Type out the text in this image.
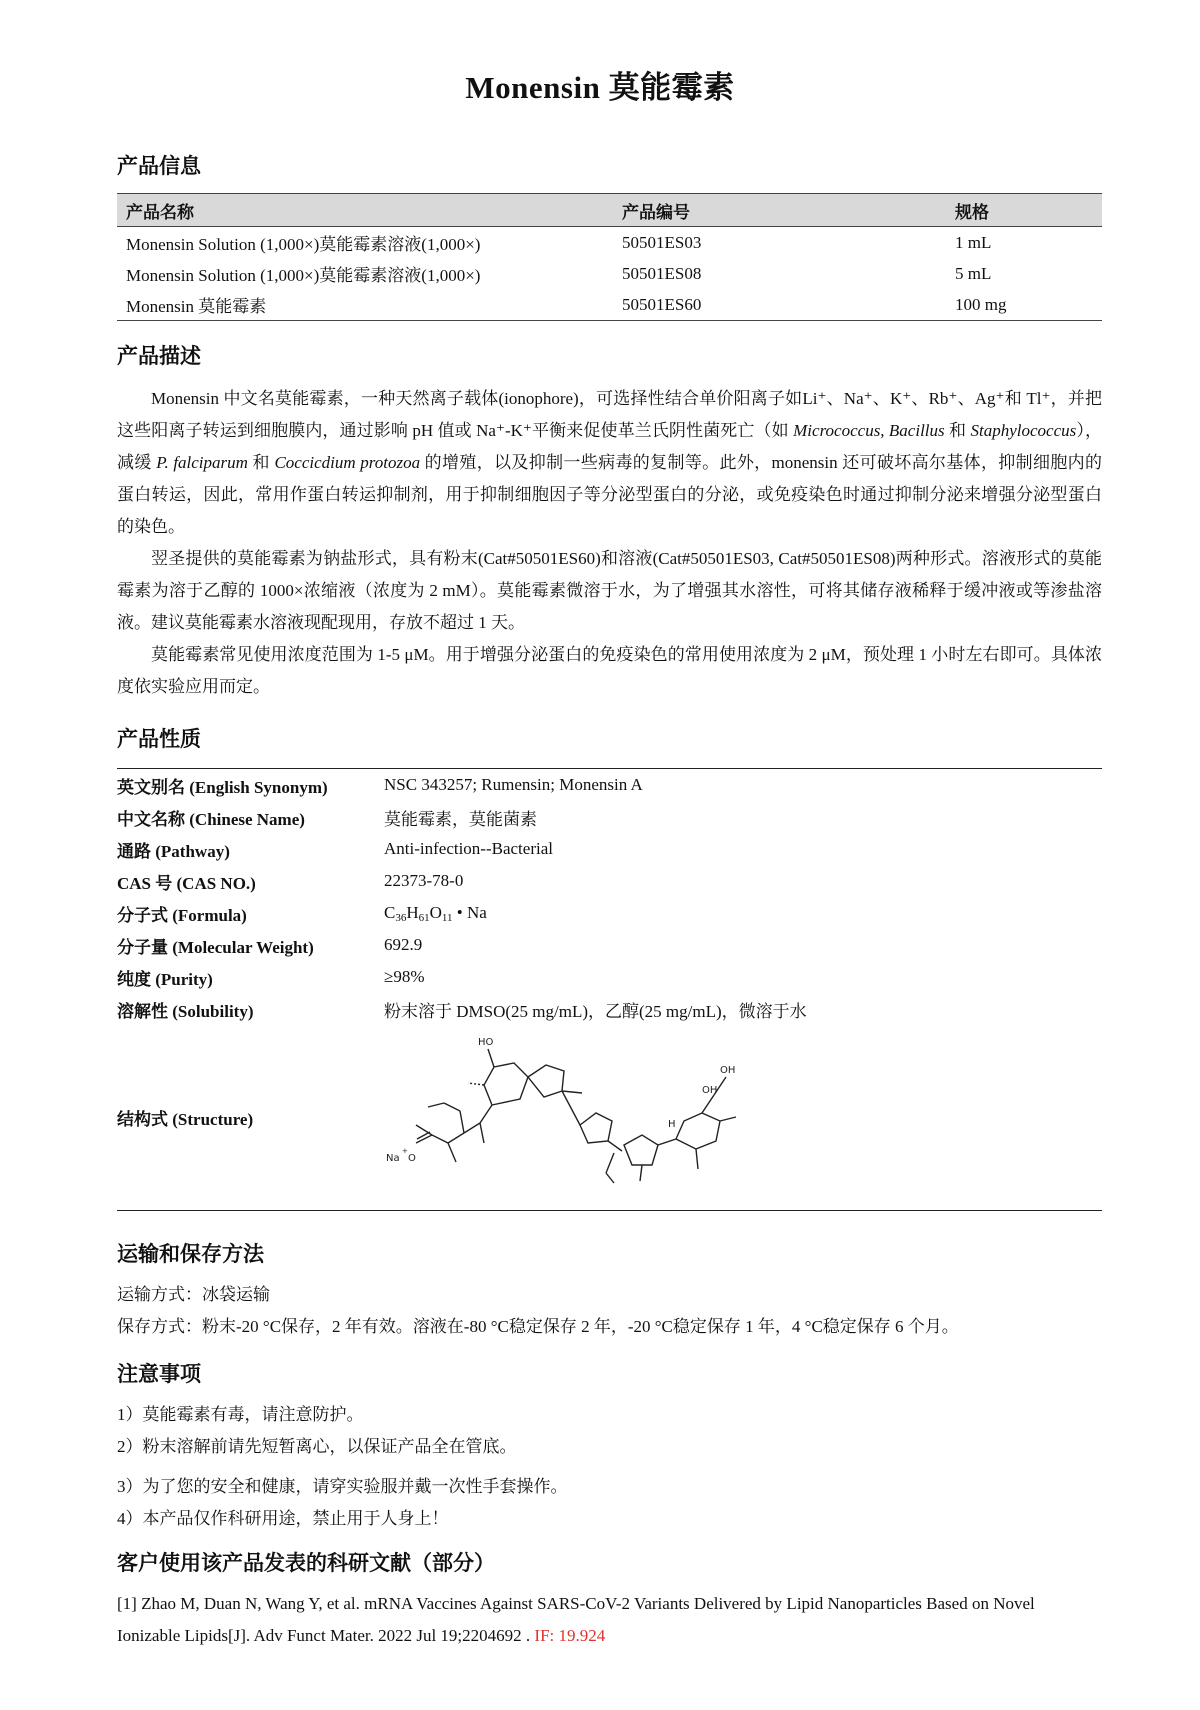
Monensin 莫能霉素
产品信息
产品名称	产品编号	规格
Monensin Solution (1,000×)莫能霉素溶液(1,000×)	50501ES03	1 mL
Monensin Solution (1,000×)莫能霉素溶液(1,000×)	50501ES08	5 mL
Monensin 莫能霉素	50501ES60	100 mg
产品描述

Monensin 中文名莫能霉素，一种天然离子载体(ionophore)，可选择性结合单价阳离子如Li⁺、Na⁺、K⁺、Rb⁺、Ag⁺和 Tl⁺，并把这些阳离子转运到细胞膜内，通过影响 pH 值或 Na⁺-K⁺平衡来促使革兰氏阴性菌死亡（如 Micrococcus, Bacillus 和 Staphylococcus），减缓 P. falciparum 和 Coccicdium protozoa 的增殖，以及抑制一些病毒的复制等。此外，monensin 还可破坏高尔基体，抑制细胞内的蛋白转运，因此，常用作蛋白转运抑制剂，用于抑制细胞因子等分泌型蛋白的分泌，或免疫染色时通过抑制分泌来增强分泌型蛋白的染色。

翌圣提供的莫能霉素为钠盐形式，具有粉末(Cat#50501ES60)和溶液(Cat#50501ES03, Cat#50501ES08)两种形式。溶液形式的莫能霉素为溶于乙醇的 1000×浓缩液（浓度为 2 mM）。莫能霉素微溶于水，为了增强其水溶性，可将其储存液稀释于缓冲液或等渗盐溶液。建议莫能霉素水溶液现配现用，存放不超过 1 天。

莫能霉素常见使用浓度范围为 1-5 μM。用于增强分泌蛋白的免疫染色的常用使用浓度为 2 μM，预处理 1 小时左右即可。具体浓度依实验应用而定。

产品性质
英文别名 (English Synonym)	NSC 343257; Rumensin; Monensin A
中文名称 (Chinese Name)	莫能霉素，莫能菌素
通路 (Pathway)	Anti-infection--Bacterial
CAS 号 (CAS NO.)	22373-78-0
分子式 (Formula)	$C_{36}H_{61}O_{11}$ • Na
分子量 (Molecular Weight)	692.9
纯度 (Purity)	≥98%
溶解性 (Solubility)	粉末溶于 DMSO(25 mg/mL)，乙醇(25 mg/mL)，微溶于水
结构式 (Structure)
HO
OH
OH
H
Na
+
O
运输和保存方法
运输方式：冰袋运输
保存方式：粉末-20 °C保存，2 年有效。溶液在-80 °C稳定保存 2 年，-20 °C稳定保存 1 年，4 °C稳定保存 6 个月。
注意事项
1）莫能霉素有毒，请注意防护。
2）粉末溶解前请先短暂离心，以保证产品全在管底。
3）为了您的安全和健康，请穿实验服并戴一次性手套操作。
4）本产品仅作科研用途，禁止用于人身上！
客户使用该产品发表的科研文献（部分）
[1] Zhao M, Duan N, Wang Y, et al. mRNA Vaccines Against SARS-CoV-2 Variants Delivered by Lipid Nanoparticles Based on Novel Ionizable Lipids[J]. Adv Funct Mater. 2022 Jul 19;2204692 . IF: 19.924
